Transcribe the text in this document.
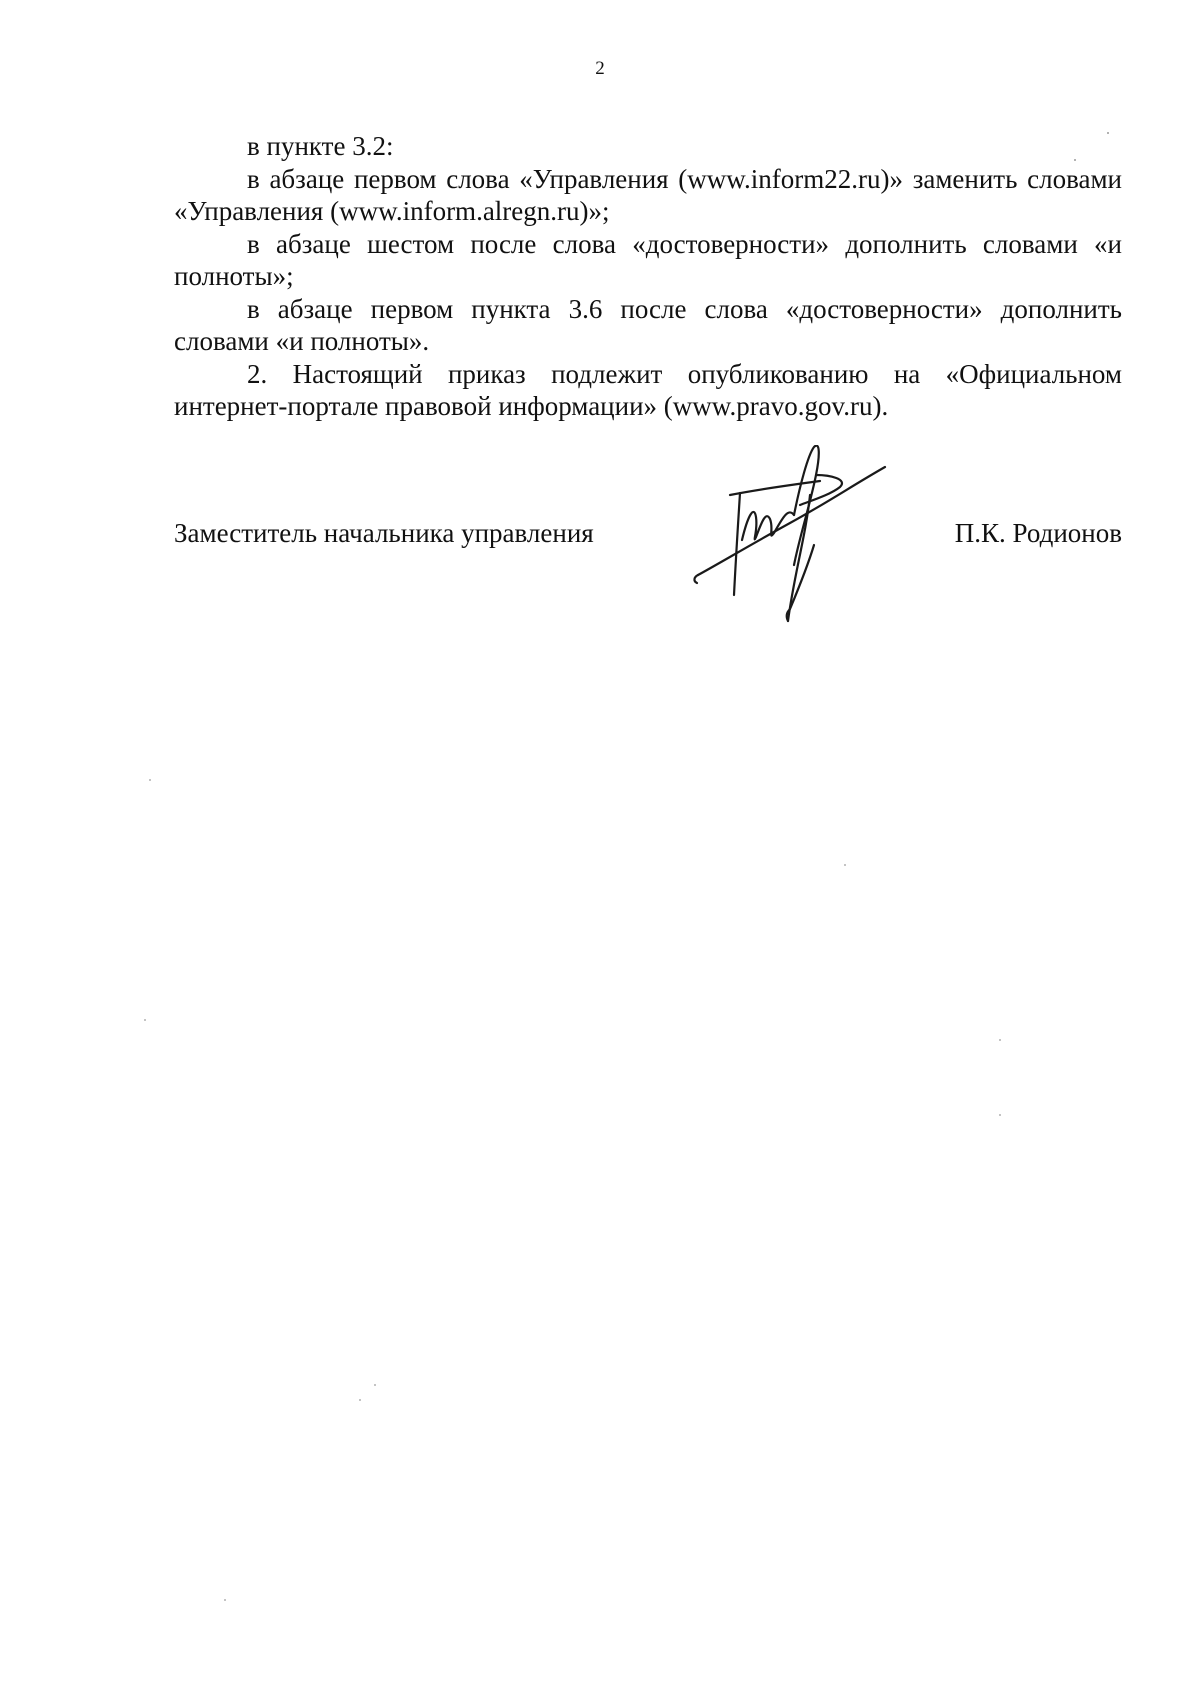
2

в пункте 3.2:

в абзаце первом слова «Управления (www.inform22.ru)» заменить словами «Управления (www.inform.alregn.ru)»;

в абзаце шестом после слова «достоверности» дополнить словами «и полноты»;

в абзаце первом пункта 3.6 после слова «достоверности» дополнить словами «и полноты».

2. Настоящий приказ подлежит опубликованию на «Официальном интернет-портале правовой информации» (www.pravo.gov.ru).

Заместитель начальника управления	П.К. Родионов
